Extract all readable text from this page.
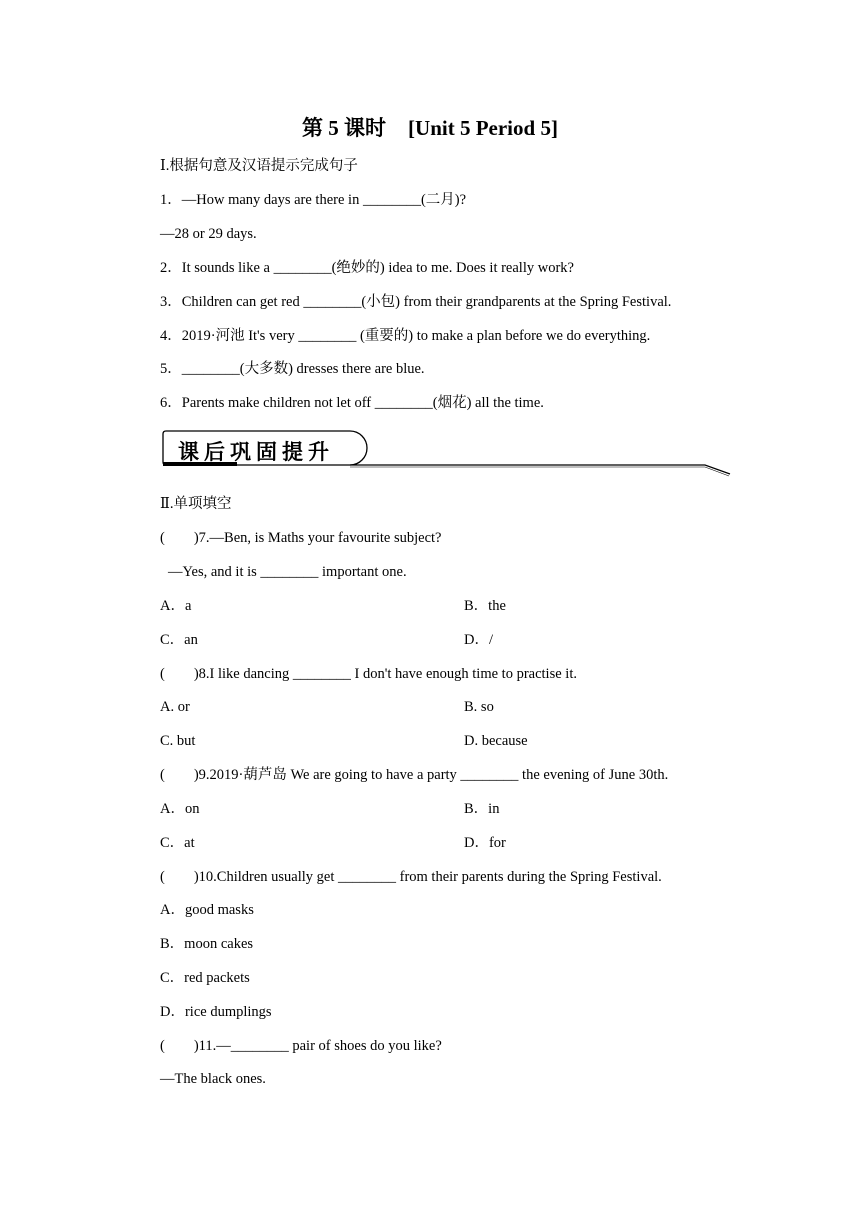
第 5 课时 [Unit 5 Period 5]
Ⅰ.根据句意及汉语提示完成句子
1．—How many days are there in ________(二月)?
—28 or 29 days.
2．It sounds like a ________(绝妙的) idea to me. Does it really work?
3．Children can get red ________(小包) from their grandparents at the Spring Festival.
4．2019·河池 It's very ________ (重要的) to make a plan before we do everything.
5．________(大多数) dresses there are blue.
6．Parents make children not let off ________(烟花) all the time.
课后巩固提升
Ⅱ.单项填空
(　　)7.—Ben, is Maths your favourite subject?
—Yes, and it is ________ important one.
A．a	B．the
C．an	D．/
(　　)8.I like dancing ________ I don't have enough time to practise it.
A. or	B. so
C. but	D. because
(　　)9.2019·葫芦岛 We are going to have a party ________ the evening of June 30th.
A．on	B．in
C．at	D．for
(　　)10.Children usually get ________ from their parents during the Spring Festival.
A．good masks
B．moon cakes
C．red packets
D．rice dumplings
(　　)11.—________ pair of shoes do you like?
—The black ones.
